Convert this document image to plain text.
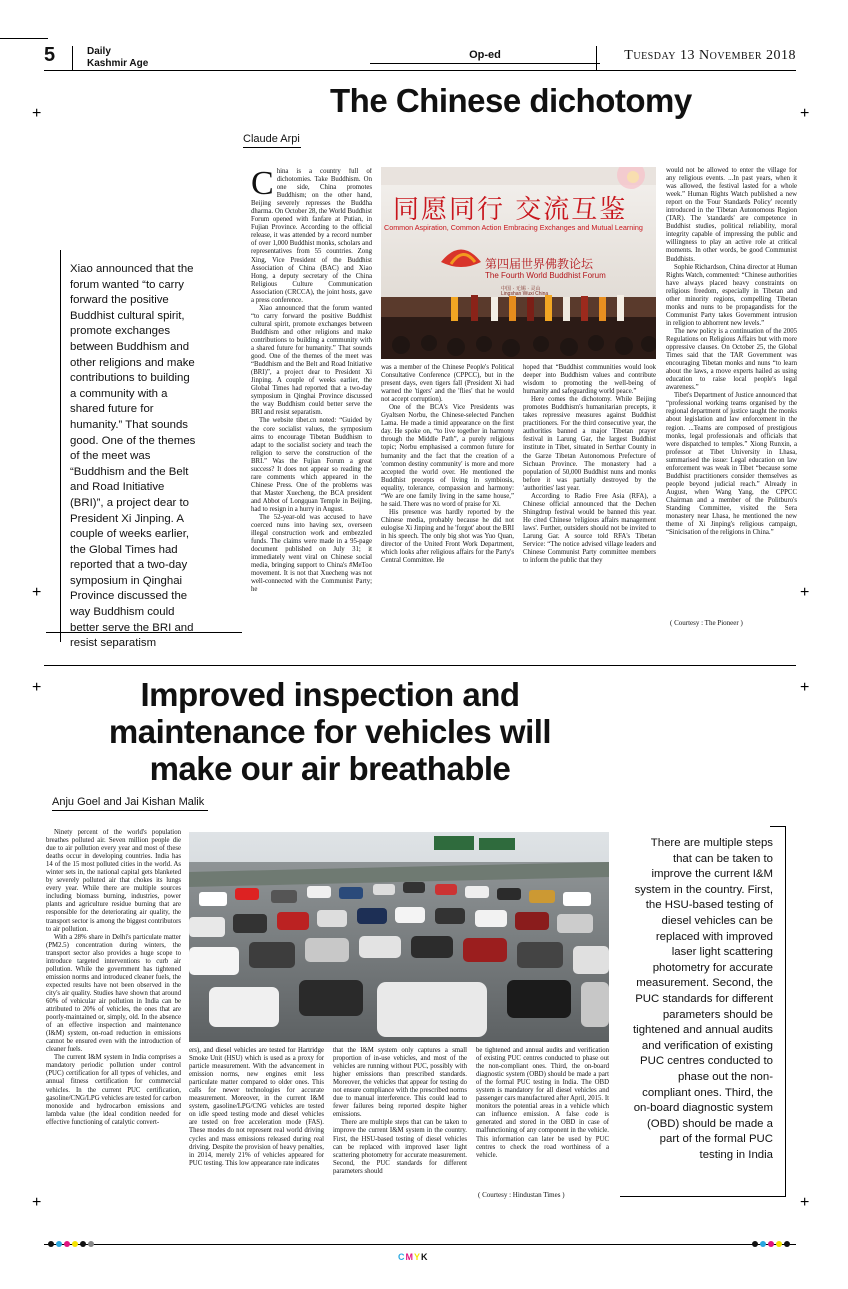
5	Daily
Kashmir Age
Op-ed	Tuesday 13 November 2018
+	+
+	+
+	+
+	+
The Chinese dichotomy
Claude Arpi

Xiao announced that the forum wanted “to carry forward the positive Buddhist cultural spirit, promote exchanges between Buddhism and other religions and make contributions to building a community with a shared future for humanity.” That sounds good. One of the themes of the meet was “Buddhism and the Belt and Road Initiative (BRI)”, a project dear to President Xi Jinping. A couple of weeks earlier, the Global Times had reported that a two-day symposium in Qinghai Province discussed the way Buddhism could better serve the BRI and resist separatism

C hina is a country full of dichotomies. Take Buddhism. On one side, China promotes Buddhism; on the other hand, Beijing severely represses the Buddha dharma. On October 28, the World Buddhist Forum opened with fanfare at Putian, in Fujian Province. According to the official release, it was attended by a record number of over 1,000 Buddhist monks, scholars and representatives from 55 countries. Zong Xing, Vice President of the Buddhist Association of China (BAC) and Xiao Hong, a deputy secretary of the China Religious Culture Communication Association (CRCCA), the joint hosts, gave a press conference.

Xiao announced that the forum wanted “to carry forward the positive Buddhist cultural spirit, promote exchanges between Buddhism and other religions and make contributions to building a community with a shared future for humanity.” That sounds good. One of the themes of the meet was “Buddhism and the Belt and Road Initiative (BRI)”, a project dear to President Xi Jinping. A couple of weeks earlier, the Global Times had reported that a two-day symposium in Qinghai Province discussed the way Buddhism could better serve the BRI and resist separatism.

The website tibet.cn noted: “Guided by the core socialist values, the symposium aims to encourage Tibetan Buddhism to adapt to the socialist society and teach the religion to serve the construction of the BRI.” Was the Fujian Forum a great success? It does not appear so reading the rare comments which appeared in the Chinese Press. One of the problems was that Master Xuecheng, the BCA president and Abbot of Longquan Temple in Beijing, had to resign in a hurry in August.

The 52-year-old was accused to have coerced nuns into having sex, overseen illegal construction work and embezzled funds. The claims were made in a 95-page document published on July 31; it immediately went viral on Chinese social media, bringing support to China's #MeToo movement. It is not that Xuecheng was not well-connected with the Communist Party; he

同愿同行 交流互鉴
Common Aspiration, Common Action Embracing Exchanges and Mutual Learning
第四届世界佛教论坛
The Fourth World Buddhist Forum
中国 · 无锡 · 灵山
Lingshan Wuxi China

was a member of the Chinese People's Political Consultative Conference (CPPCC), but in the present days, even tigers fall (President Xi had warned the 'tigers' and the 'flies' that he would not accept corruption).

One of the BCA's Vice Presidents was Gyaltsen Norbu, the Chinese-selected Panchen Lama. He made a timid appearance on the first day. He spoke on, “to live together in harmony through the Middle Path”, a purely religious topic; Norbu emphasised a common future for humanity and the fact that the creation of a 'common destiny community' is more and more accepted the world over. He mentioned the Buddhist precepts of living in symbiosis, equality, tolerance, compassion and harmony: “We are one family living in the same house,” he said. There was no word of praise for Xi.

His presence was hardly reported by the Chinese media, probably because he did not eulogise Xi Jinping and he 'forgot' about the BRI in his speech. The only big shot was Yuo Quan, director of the United Front Work Department, which looks after religious affairs for the Party's Central Committee. He

hoped that “Buddhist communities would look deeper into Buddhism values and contribute wisdom to promoting the well-being of humanity and safeguarding world peace.”

Here comes the dichotomy. While Beijing promotes Buddhism's humanitarian precepts, it takes repressive measures against Buddhist practitioners. For the third consecutive year, the authorities banned a major Tibetan prayer festival in Larung Gar, the largest Buddhist institute in Tibet, situated in Serthar County in the Garze Tibetan Autonomous Prefecture of Sichuan Province. The monastery had a population of 50,000 Buddhist nuns and monks before it was partially destroyed by the 'authorities' last year.

According to Radio Free Asia (RFA), a Chinese official announced that the Dechen Shingdrup festival would be banned this year. He cited Chinese 'religious affairs management laws'. Further, outsiders should not be invited to Larung Gar. A source told RFA's Tibetan Service: “The notice advised village leaders and Chinese Communist Party committee members to inform the public that they

would not be allowed to enter the village for any religious events. ...In past years, when it was allowed, the festival lasted for a whole week.” Human Rights Watch published a new report on the 'Four Standards Policy' recently introduced in the Tibetan Autonomous Region (TAR). The 'standards' are competence in Buddhist studies, political reliability, moral integrity capable of impressing the public and willingness to play an active role at critical moments. In other words, be good Communist Buddhists.

Sophie Richardson, China director at Human Rights Watch, commented: “Chinese authorities have always placed heavy constraints on religious freedom, especially in Tibetan and other minority regions, compelling Tibetan monks and nuns to be propagandists for the Communist Party takes Government intrusion in religion to abhorrent new levels.”

The new policy is a continuation of the 2005 Regulations on Religious Affairs but with more oppressive clauses. On October 25, the Global Times said that the TAR Government was encouraging Tibetan monks and nuns “to learn about the laws, a move experts hailed as using education to raise local people's legal awareness.”

Tibet's Department of Justice announced that “professional working teams organised by the regional department of justice taught the monks about legislation and law enforcement in the region. ...Teams are composed of prestigious monks, legal professionals and officials that were dispatched to temples.” Xiong Runxin, a professor at Tibet University in Lhasa, summarised the issue: Legal education on law enforcement was weak in Tibet “because some Buddhist practitioners consider themselves as people beyond judicial reach.” Already in August, when Wang Yang, the CPPCC Chairman and a member of the Politburo's Standing Committee, visited the Sera monastery near Lhasa, he mentioned the new theme of Xi Jinping's religious campaign, “Sinicisation of the religions in China.”

( Courtesy : The Pioneer )
Improved inspection and
maintenance for vehicles will
make our air breathable
Anju Goel and Jai Kishan Malik

Ninety percent of the world's population breathes polluted air. Seven million people die due to air pollution every year and most of these deaths occur in developing countries. India has 14 of the 15 most polluted cities in the world. As winter sets in, the national capital gets blanketed by severely polluted air that chokes its lungs every year. While there are multiple sources including biomass burning, industries, power plants and agriculture residue burning that are responsible for the deteriorating air quality, the transport sector is among the biggest contributors to air pollution.

With a 28% share in Delhi's particulate matter (PM2.5) concentration during winters, the transport sector also provides a huge scope to introduce targeted interventions to curb air pollution. While the government has tightened emission norms and introduced cleaner fuels, the expected results have not been observed in the city's air quality. Studies have shown that around 60% of vehicular air pollution in India can be attributed to 20% of vehicles, the ones that are poorly-maintained or, simply, old. In the absence of an effective inspection and maintenance (I&M) system, on-road reduction in emissions cannot be ensured even with the introduction of cleaner fuels.

The current I&M system in India comprises a mandatory periodic pollution under control (PUC) certification for all types of vehicles, and annual fitness certification for commercial vehicles. In the current PUC certification, gasoline/CNG/LPG vehicles are tested for carbon monoxide and hydrocarbon emissions and lambda value (the ideal condition needed for effective functioning of catalytic convert-

ers), and diesel vehicles are tested for Hartridge Smoke Unit (HSU) which is used as a proxy for particle measurement. With the advancement in emission norms, new engines emit less particulate matter compared to older ones. This calls for newer technologies for accurate measurement. Moreover, in the current I&M system, gasoline/LPG/CNG vehicles are tested on idle speed testing mode and diesel vehicles are tested on free acceleration mode (FAS). These modes do not represent real world driving cycles and mass emissions released during real driving. Despite the provision of heavy penalties, in 2014, merely 21% of vehicles appeared for PUC testing. This low appearance rate indicates

that the I&M system only captures a small proportion of in-use vehicles, and most of the vehicles are running without PUC, possibly with higher emissions than prescribed standards. Moreover, the vehicles that appear for testing do not ensure compliance with the prescribed norms due to manual interference. This could lead to fewer failures being reported despite higher emissions.

There are multiple steps that can be taken to improve the current I&M system in the country. First, the HSU-based testing of diesel vehicles can be replaced with improved laser light scattering photometry for accurate measurement. Second, the PUC standards for different parameters should

be tightened and annual audits and verification of existing PUC centres conducted to phase out the non-compliant ones. Third, the on-board diagnostic system (OBD) should be made a part of the formal PUC testing in India. The OBD system is mandatory for all diesel vehicles and passenger cars manufactured after April, 2015. It monitors the potential areas in a vehicle which can influence emission. A false code is generated and stored in the OBD in case of malfunctioning of any component in the vehicle. This information can later be used by PUC centres to check the road worthiness of a vehicle.

( Courtesy : Hindustan Times )

There are multiple steps that can be taken to improve the current I&M system in the country. First, the HSU-based testing of diesel vehicles can be replaced with improved laser light scattering photometry for accurate measurement. Second, the PUC standards for different parameters should be tightened and annual audits and verification of existing PUC centres conducted to phase out the non-compliant ones. Third, the on-board diagnostic system (OBD) should be made a part of the formal PUC testing in India

CMYK
